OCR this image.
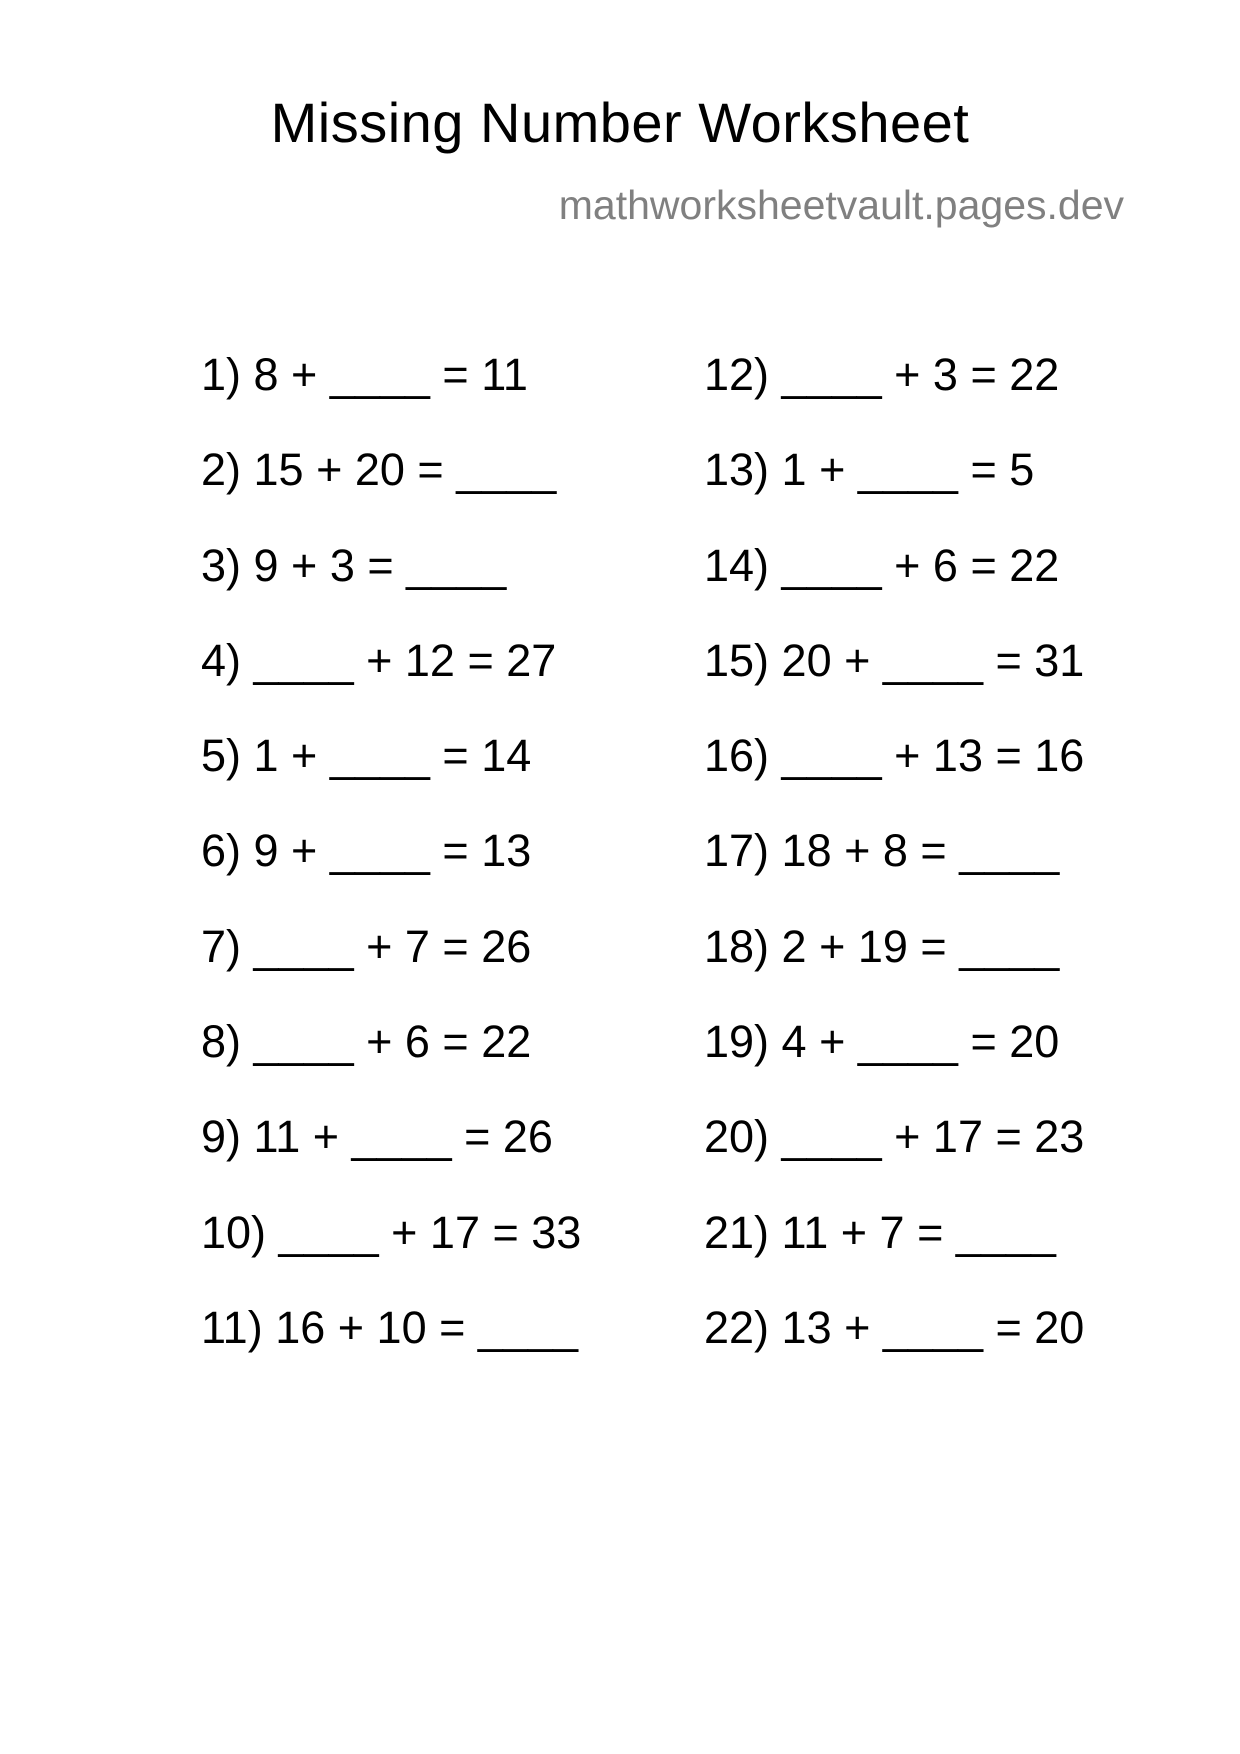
Missing Number Worksheet
mathworksheetvault.pages.dev
1) 8 + ____ = 11
2) 15 + 20 = ____
3) 9 + 3 = ____
4) ____ + 12 = 27
5) 1 + ____ = 14
6) 9 + ____ = 13
7) ____ + 7 = 26
8) ____ + 6 = 22
9) 11 + ____ = 26
10) ____ + 17 = 33
11) 16 + 10 = ____
12) ____ + 3 = 22
13) 1 + ____ = 5
14) ____ + 6 = 22
15) 20 + ____ = 31
16) ____ + 13 = 16
17) 18 + 8 = ____
18) 2 + 19 = ____
19) 4 + ____ = 20
20) ____ + 17 = 23
21) 11 + 7 = ____
22) 13 + ____ = 20
